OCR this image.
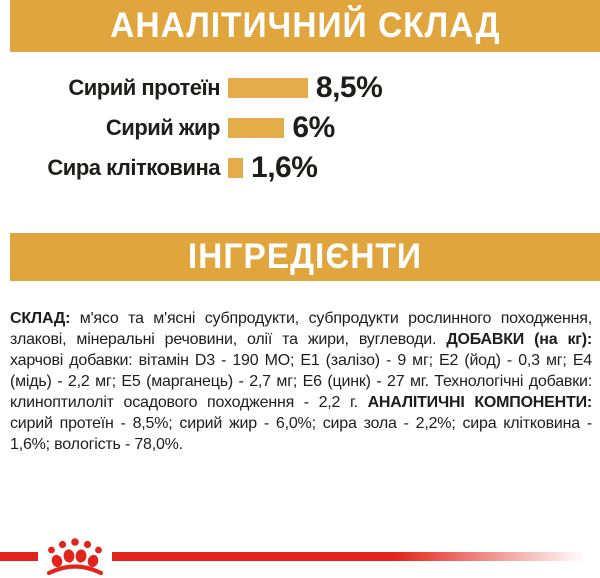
АНАЛІТИЧНИЙ СКЛАД
Сирий протеїн	8,5%
Сирий жир 6%
Сира клітковина 1,6%
ІНГРЕДІЄНТИ

СКЛАД: м'ясо та м'ясні субпродукти, субпродукти рослинного походження, злакові, мінеральні речовини, олії та жири, вуглеводи. ДОБАВКИ (на кг): харчові добавки: вітамін D3 - 190 МО; Е1 (залізо) - 9 мг; Е2 (йод) - 0,3 мг; Е4 (мідь) - 2,2 мг; Е5 (марганець) - 2,7 мг; Е6 (цинк) - 27 мг. Технологічні добавки: клиноптилоліт осадового походження - 2,2 г. АНАЛІТИЧНІ КОМПОНЕНТИ: сирий протеїн - 8,5%; сирий жир - 6,0%; сира зола - 2,2%; сира клітковина - 1,6%; вологість - 78,0%.
